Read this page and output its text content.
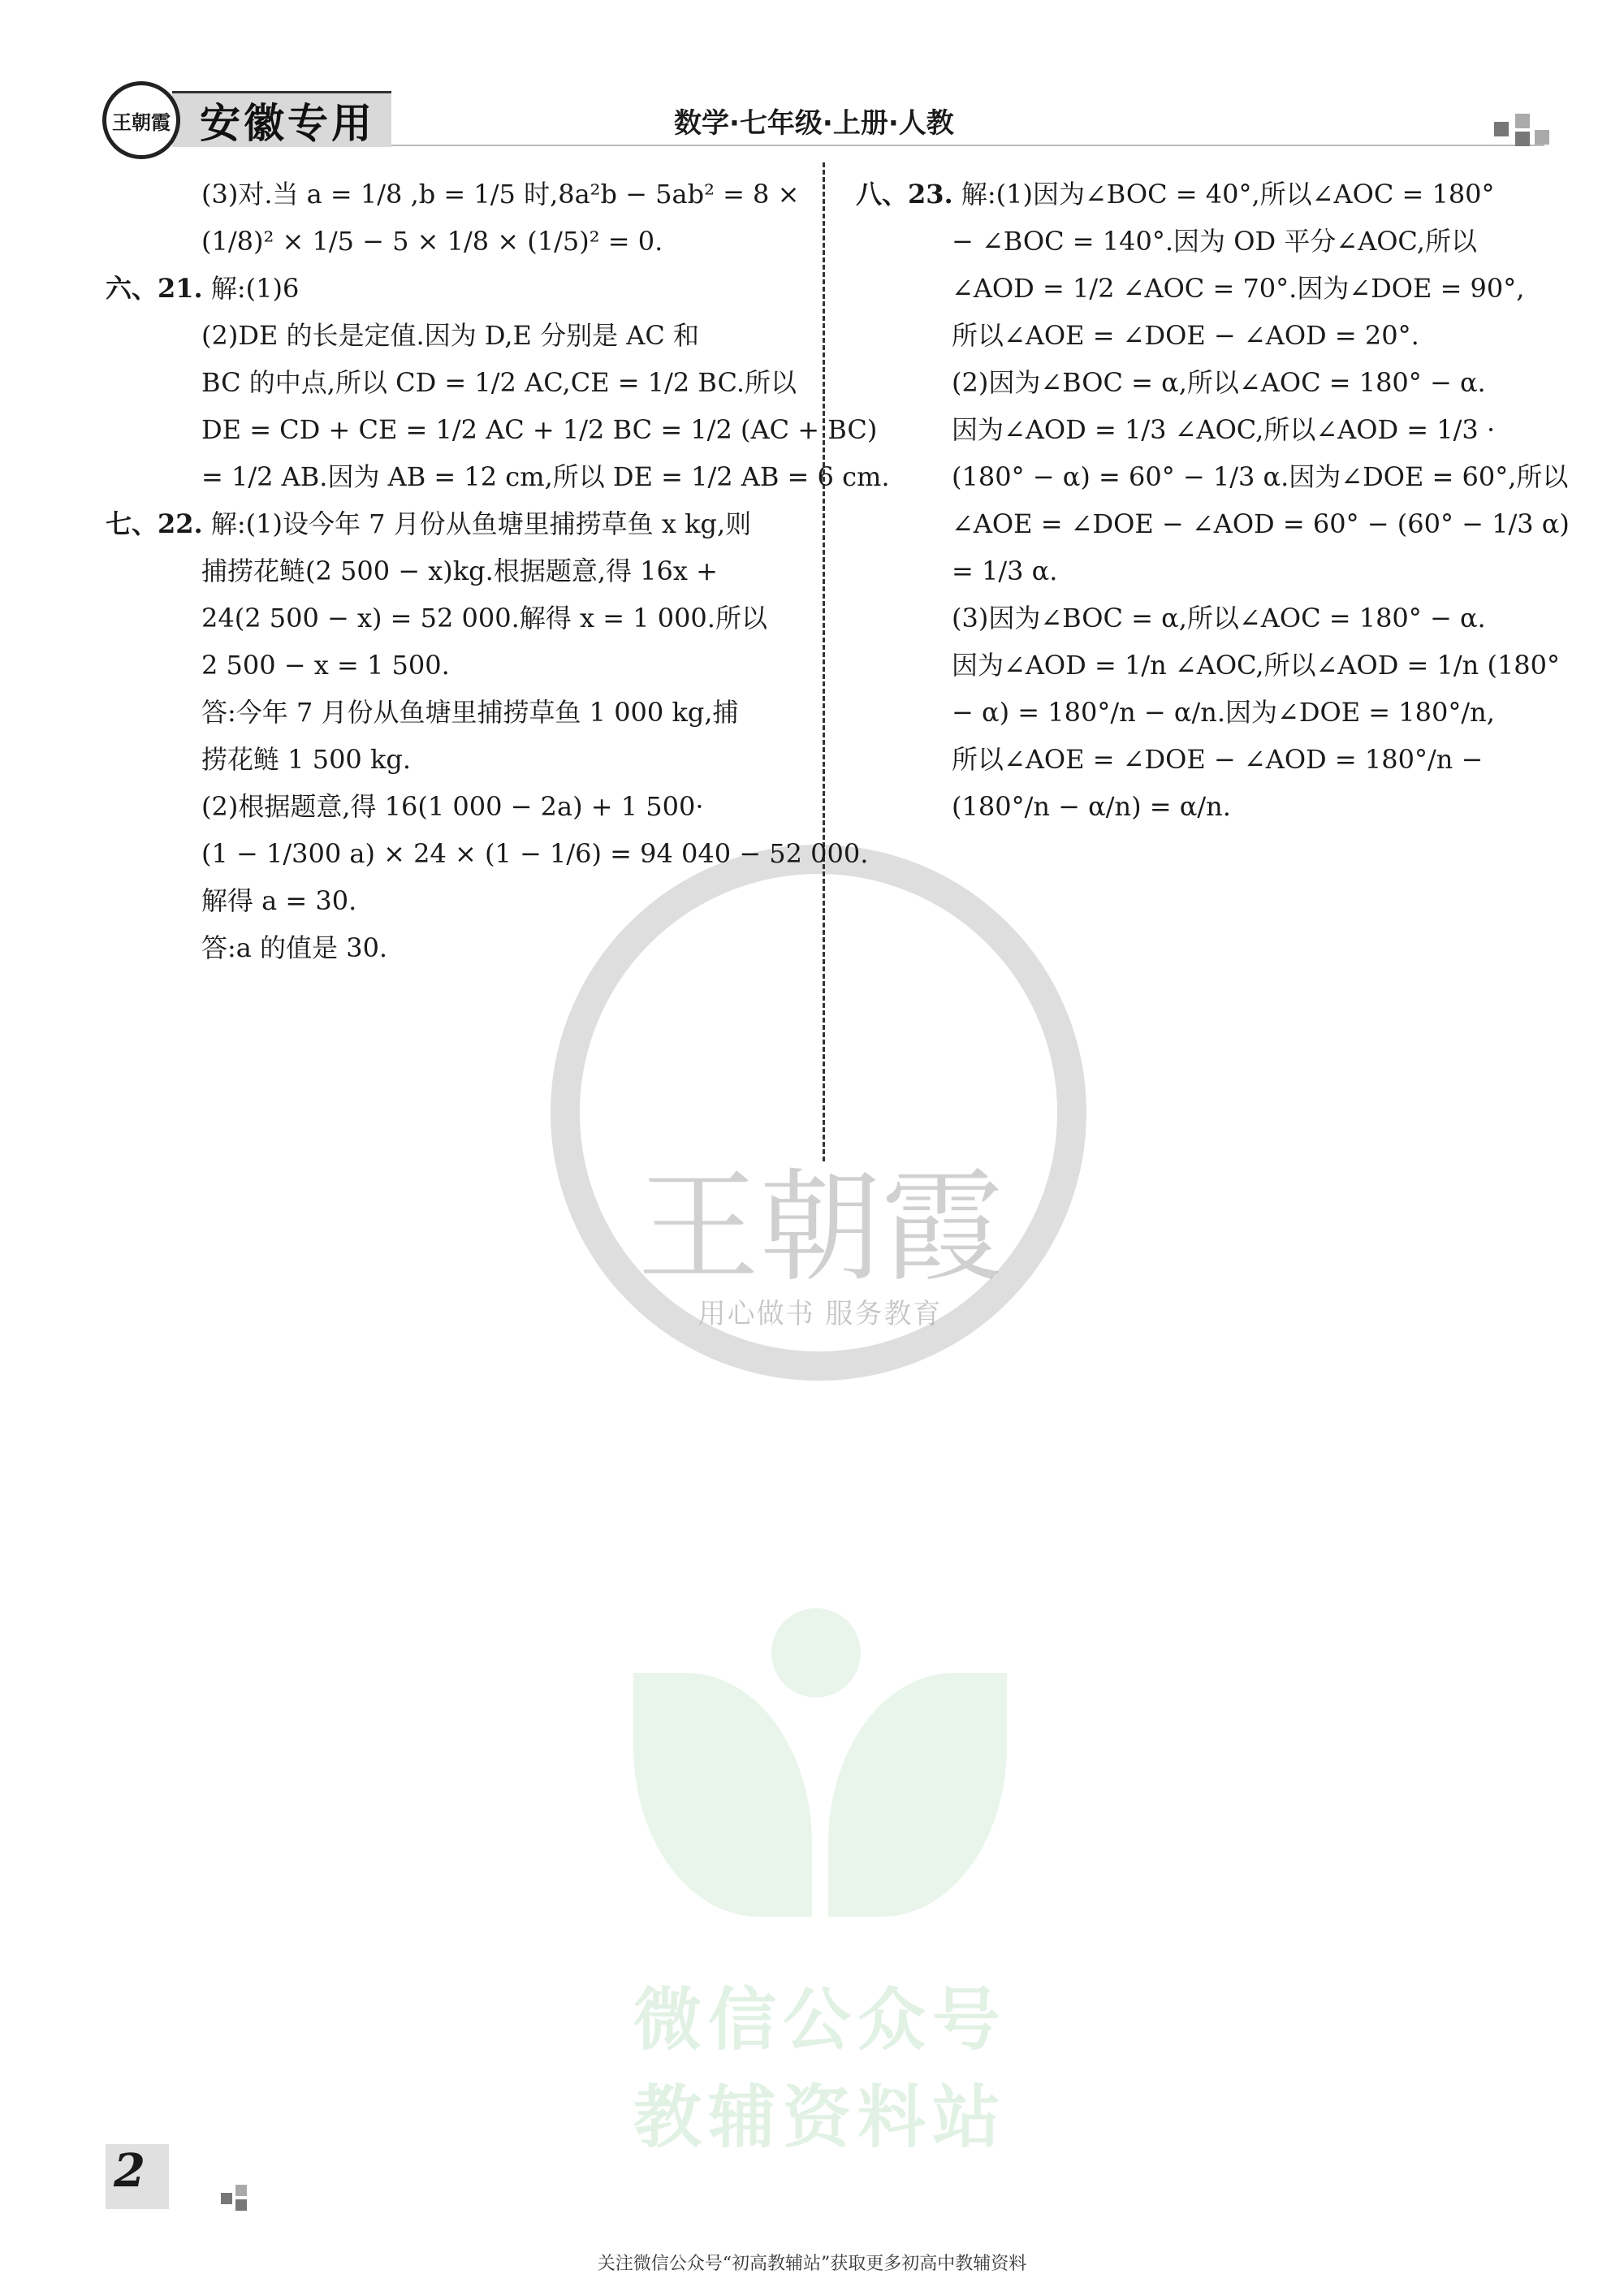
王朝霞 安徽专用	数学·七年级·上册·人教
王朝霞
用心做书 服务教育
微信公众号
教辅资料站
(3)对.当 a = 1/8 ,b = 1/5 时,8a²b − 5ab² = 8 ×
(1/8)² × 1/5 − 5 × 1/8 × (1/5)² = 0.
六、21. 解:(1)6
(2)DE 的长是定值.因为 D,E 分别是 AC 和
BC 的中点,所以 CD = 1/2 AC,CE = 1/2 BC.所以
DE = CD + CE = 1/2 AC + 1/2 BC = 1/2 (AC + BC)
= 1/2 AB.因为 AB = 12 cm,所以 DE = 1/2 AB = 6 cm.
七、22. 解:(1)设今年 7 月份从鱼塘里捕捞草鱼 x kg,则
捕捞花鲢(2 500 − x)kg.根据题意,得 16x +
24(2 500 − x) = 52 000.解得 x = 1 000.所以
2 500 − x = 1 500.
答:今年 7 月份从鱼塘里捕捞草鱼 1 000 kg,捕
捞花鲢 1 500 kg.
(2)根据题意,得 16(1 000 − 2a) + 1 500·
(1 − 1/300 a) × 24 × (1 − 1/6) = 94 040 − 52 000.
解得 a = 30.
答:a 的值是 30.
八、23. 解:(1)因为∠BOC = 40°,所以∠AOC = 180°
− ∠BOC = 140°.因为 OD 平分∠AOC,所以
∠AOD = 1/2 ∠AOC = 70°.因为∠DOE = 90°,
所以∠AOE = ∠DOE − ∠AOD = 20°.
(2)因为∠BOC = α,所以∠AOC = 180° − α.
因为∠AOD = 1/3 ∠AOC,所以∠AOD = 1/3 ·
(180° − α) = 60° − 1/3 α.因为∠DOE = 60°,所以
∠AOE = ∠DOE − ∠AOD = 60° − (60° − 1/3 α)
= 1/3 α.
(3)因为∠BOC = α,所以∠AOC = 180° − α.
因为∠AOD = 1/n ∠AOC,所以∠AOD = 1/n (180°
− α) = 180°/n − α/n.因为∠DOE = 180°/n,
所以∠AOE = ∠DOE − ∠AOD = 180°/n −
(180°/n − α/n) = α/n.
2
关注微信公众号“初高教辅站”获取更多初高中教辅资料
